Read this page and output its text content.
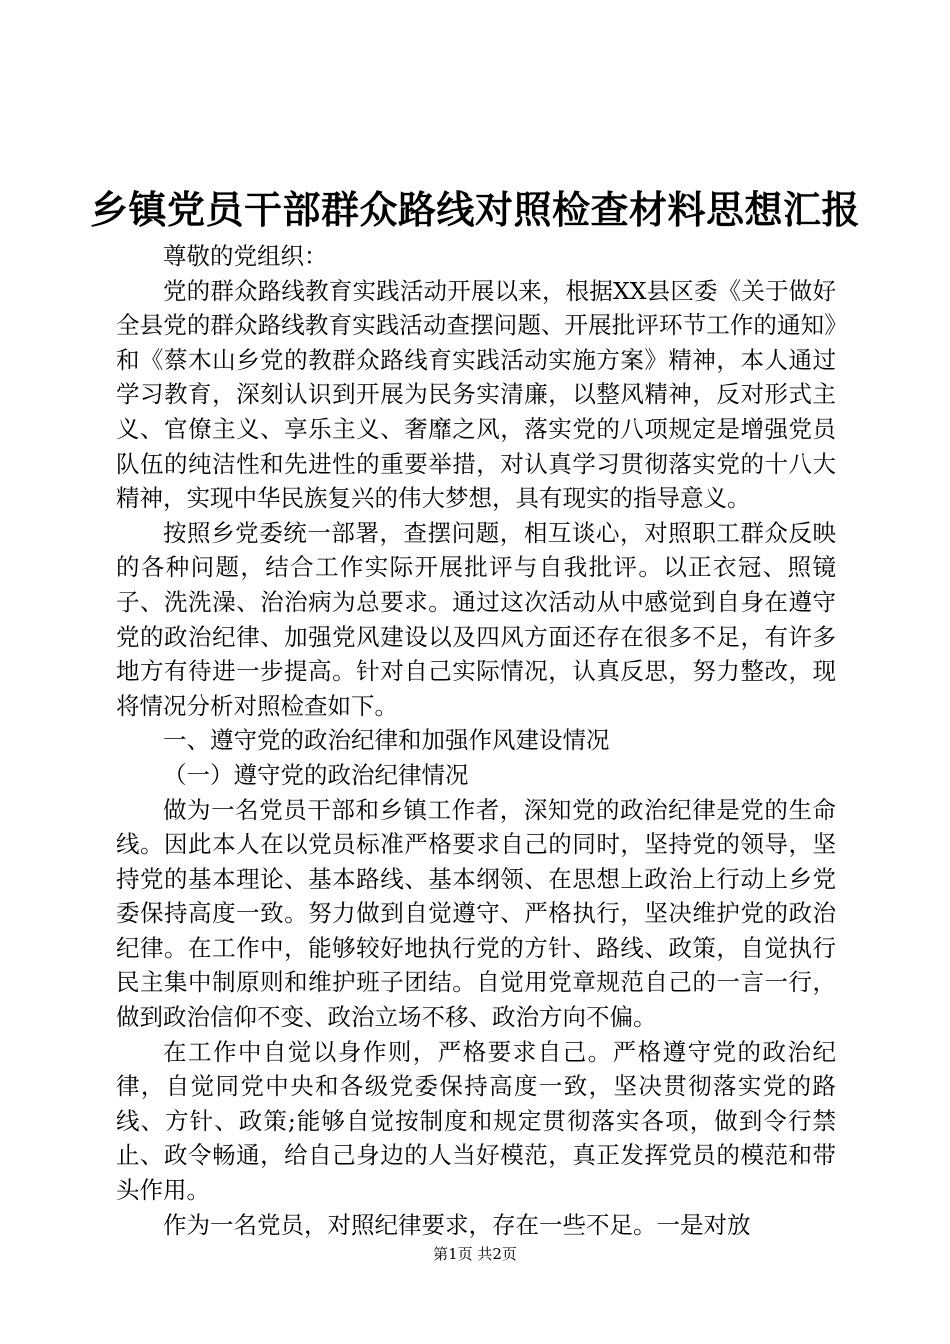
乡镇党员干部群众路线对照检查材料思想汇报

尊敬的党组织：

党的群众路线教育实践活动开展以来，根据XX县区委《关于做好全县党的群众路线教育实践活动查摆问题、开展批评环节工作的通知》和《蔡木山乡党的教群众路线育实践活动实施方案》精神，本人通过学习教育，深刻认识到开展为民务实清廉，以整风精神，反对形式主义、官僚主义、享乐主义、奢靡之风，落实党的八项规定是增强党员队伍的纯洁性和先进性的重要举措，对认真学习贯彻落实党的十八大精神，实现中华民族复兴的伟大梦想，具有现实的指导意义。

按照乡党委统一部署，查摆问题，相互谈心，对照职工群众反映的各种问题，结合工作实际开展批评与自我批评。以正衣冠、照镜子、洗洗澡、治治病为总要求。通过这次活动从中感觉到自身在遵守党的政治纪律、加强党风建设以及四风方面还存在很多不足，有许多地方有待进一步提高。针对自己实际情况，认真反思，努力整改，现将情况分析对照检查如下。

一、遵守党的政治纪律和加强作风建设情况

（一）遵守党的政治纪律情况

做为一名党员干部和乡镇工作者，深知党的政治纪律是党的生命线。因此本人在以党员标准严格要求自己的同时，坚持党的领导，坚持党的基本理论、基本路线、基本纲领、在思想上政治上行动上乡党委保持高度一致。努力做到自觉遵守、严格执行，坚决维护党的政治纪律。在工作中，能够较好地执行党的方针、路线、政策，自觉执行民主集中制原则和维护班子团结。自觉用党章规范自己的一言一行，做到政治信仰不变、政治立场不移、政治方向不偏。

在工作中自觉以身作则，严格要求自己。严格遵守党的政治纪律，自觉同党中央和各级党委保持高度一致，坚决贯彻落实党的路线、方针、政策;能够自觉按制度和规定贯彻落实各项，做到令行禁止、政令畅通，给自己身边的人当好模范，真正发挥党员的模范和带头作用。

作为一名党员，对照纪律要求，存在一些不足。一是对放

第1页 共2页
